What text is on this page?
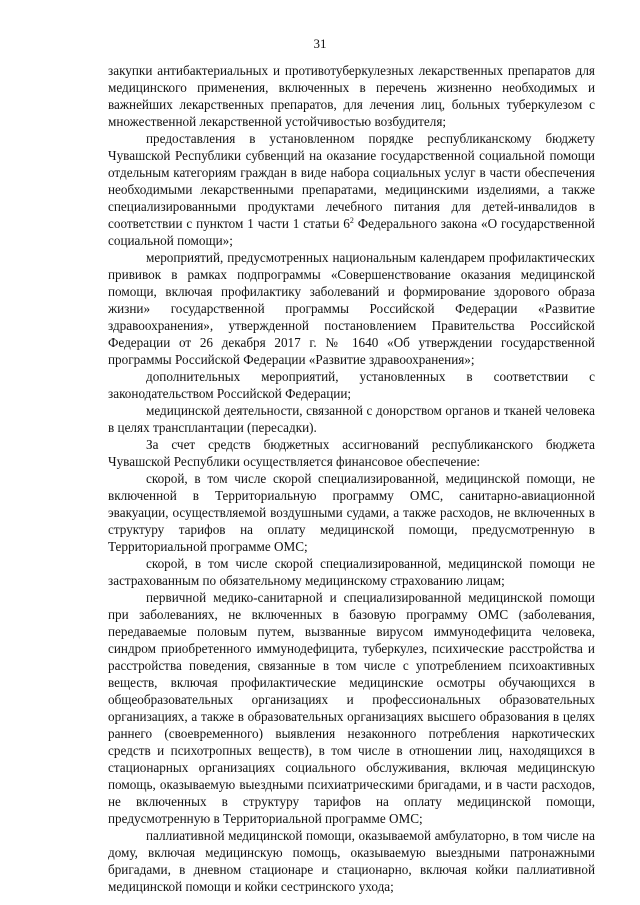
31

закупки антибактериальных и противотуберкулезных лекарственных препаратов для медицинского применения, включенных в перечень жизненно необходимых и важнейших лекарственных препаратов, для лечения лиц, больных туберкулезом с множественной лекарственной устойчивостью возбудителя;

предоставления в установленном порядке республиканскому бюджету Чувашской Республики субвенций на оказание государственной социальной помощи отдельным категориям граждан в виде набора социальных услуг в части обеспечения необходимыми лекарственными препаратами, медицинскими изделиями, а также специализированными продуктами лечебного питания для детей-инвалидов в соответствии с пунктом 1 части 1 статьи $6^2$ Федерального закона «О государственной социальной помощи»;

мероприятий, предусмотренных национальным календарем профилактических прививок в рамках подпрограммы «Совершенствование оказания медицинской помощи, включая профилактику заболеваний и формирование здорового образа жизни» государственной программы Российской Федерации «Развитие здравоохранения», утвержденной постановлением Правительства Российской Федерации от 26 декабря 2017 г. № 1640 «Об утверждении государственной программы Российской Федерации «Развитие здравоохранения»;

дополнительных мероприятий, установленных в соответствии с законодательством Российской Федерации;

медицинской деятельности, связанной с донорством органов и тканей человека в целях трансплантации (пересадки).

За счет средств бюджетных ассигнований республиканского бюджета Чувашской Республики осуществляется финансовое обеспечение:

скорой, в том числе скорой специализированной, медицинской помощи, не включенной в Территориальную программу ОМС, санитарно-авиационной эвакуации, осуществляемой воздушными судами, а также расходов, не включенных в структуру тарифов на оплату медицинской помощи, предусмотренную в Территориальной программе ОМС;

скорой, в том числе скорой специализированной, медицинской помощи не застрахованным по обязательному медицинскому страхованию лицам;

первичной медико-санитарной и специализированной медицинской помощи при заболеваниях, не включенных в базовую программу ОМС (заболевания, передаваемые половым путем, вызванные вирусом иммунодефицита человека, синдром приобретенного иммунодефицита, туберкулез, психические расстройства и расстройства поведения, связанные в том числе с употреблением психоактивных веществ, включая профилактические медицинские осмотры обучающихся в общеобразовательных организациях и профессиональных образовательных организациях, а также в образовательных организациях высшего образования в целях раннего (своевременного) выявления незаконного потребления наркотических средств и психотропных веществ), в том числе в отношении лиц, находящихся в стационарных организациях социального обслуживания, включая медицинскую помощь, оказываемую выездными психиатрическими бригадами, и в части расходов, не включенных в структуру тарифов на оплату медицинской помощи, предусмотренную в Территориальной программе ОМС;

паллиативной медицинской помощи, оказываемой амбулаторно, в том числе на дому, включая медицинскую помощь, оказываемую выездными патронажными бригадами, в дневном стационаре и стационарно, включая койки паллиативной медицинской помощи и койки сестринского ухода;
